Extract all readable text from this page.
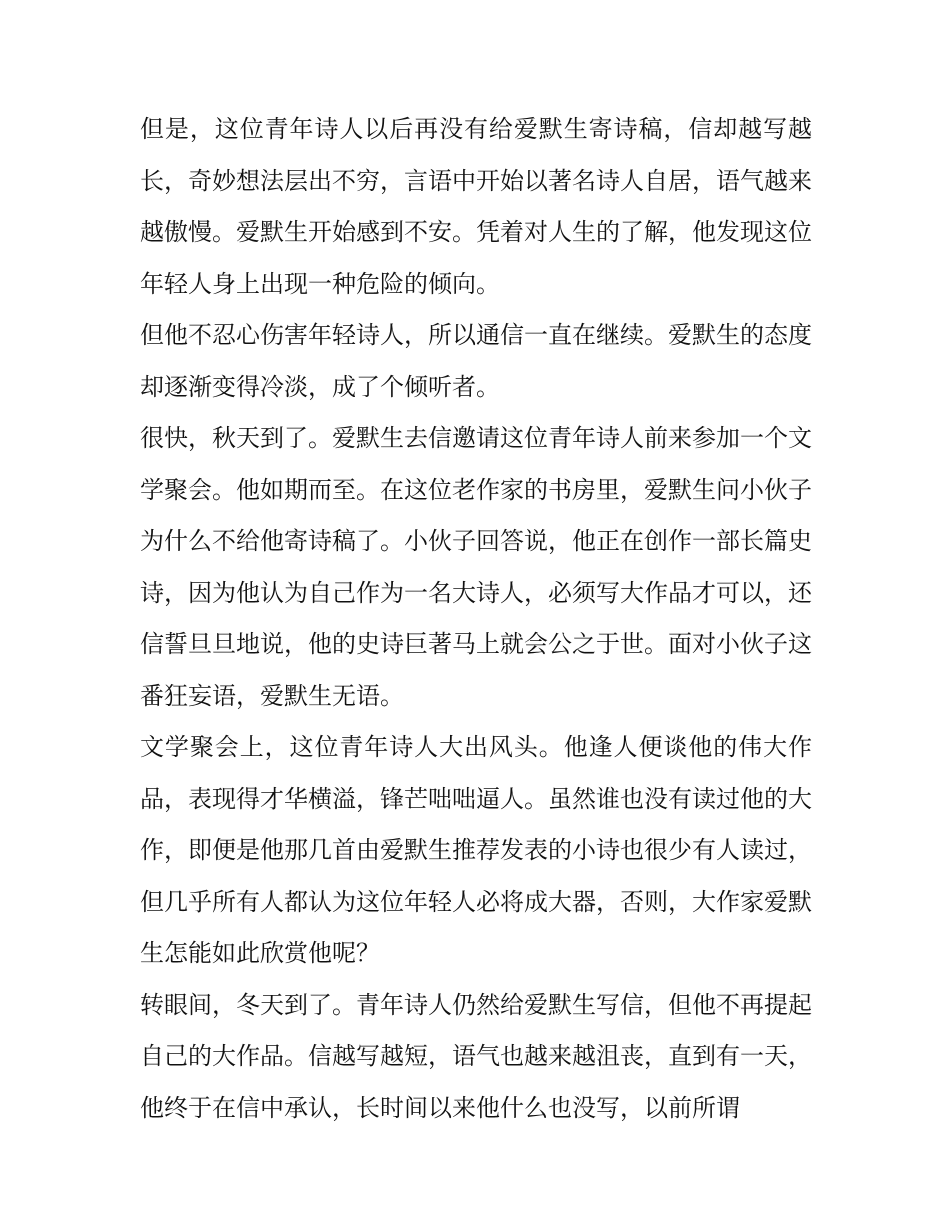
但是，这位青年诗人以后再没有给爱默生寄诗稿，信却越写越长，奇妙想法层出不穷，言语中开始以著名诗人自居，语气越来越傲慢。爱默生开始感到不安。凭着对人生的了解，他发现这位年轻人身上出现一种危险的倾向。

但他不忍心伤害年轻诗人，所以通信一直在继续。爱默生的态度却逐渐变得冷淡，成了个倾听者。

很快，秋天到了。爱默生去信邀请这位青年诗人前来参加一个文学聚会。他如期而至。在这位老作家的书房里，爱默生问小伙子为什么不给他寄诗稿了。小伙子回答说，他正在创作一部长篇史诗，因为他认为自己作为一名大诗人，必须写大作品才可以，还信誓旦旦地说，他的史诗巨著马上就会公之于世。面对小伙子这番狂妄语，爱默生无语。

文学聚会上，这位青年诗人大出风头。他逢人便谈他的伟大作品，表现得才华横溢，锋芒咄咄逼人。虽然谁也没有读过他的大作，即便是他那几首由爱默生推荐发表的小诗也很少有人读过，但几乎所有人都认为这位年轻人必将成大器，否则，大作家爱默生怎能如此欣赏他呢？

转眼间，冬天到了。青年诗人仍然给爱默生写信，但他不再提起自己的大作品。信越写越短，语气也越来越沮丧，直到有一天，他终于在信中承认，长时间以来他什么也没写，以前所谓
